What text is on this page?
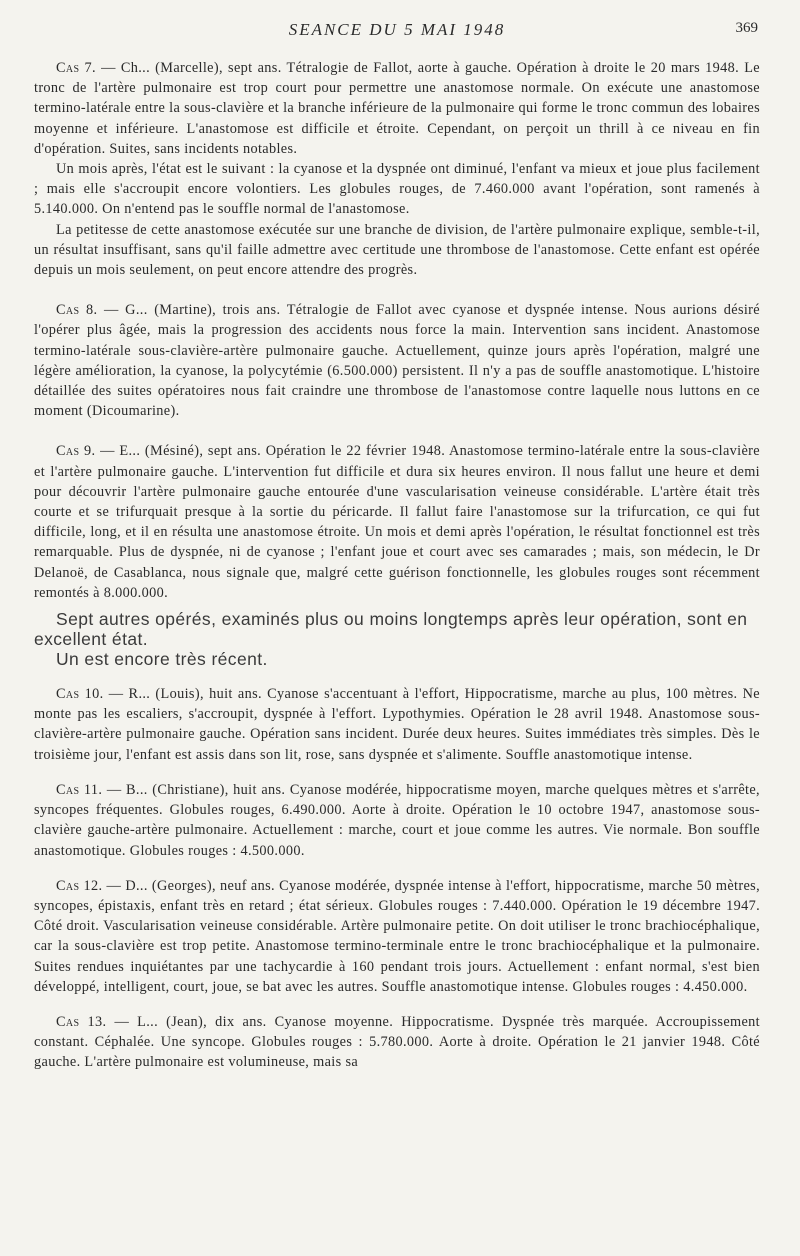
SEANCE DU 5 MAI 1948	369

Cas 7. — Ch... (Marcelle), sept ans. Tétralogie de Fallot, aorte à gauche. Opération à droite le 20 mars 1948. Le tronc de l'artère pulmonaire est trop court pour permettre une anastomose normale. On exécute une anastomose termino-latérale entre la sous-clavière et la branche inférieure de la pulmonaire qui forme le tronc commun des lobaires moyenne et inférieure. L'anastomose est difficile et étroite. Cependant, on perçoit un thrill à ce niveau en fin d'opération. Suites, sans incidents notables.

Un mois après, l'état est le suivant : la cyanose et la dyspnée ont diminué, l'enfant va mieux et joue plus facilement ; mais elle s'accroupit encore volontiers. Les globules rouges, de 7.460.000 avant l'opération, sont ramenés à 5.140.000. On n'entend pas le souffle normal de l'anastomose.

La petitesse de cette anastomose exécutée sur une branche de division, de l'artère pulmonaire explique, semble-t-il, un résultat insuffisant, sans qu'il faille admettre avec certitude une thrombose de l'anastomose. Cette enfant est opérée depuis un mois seulement, on peut encore attendre des progrès.

Cas 8. — G... (Martine), trois ans. Tétralogie de Fallot avec cyanose et dyspnée intense. Nous aurions désiré l'opérer plus âgée, mais la progression des accidents nous force la main. Intervention sans incident. Anastomose termino-latérale sous-clavière-artère pulmonaire gauche. Actuellement, quinze jours après l'opération, malgré une légère amélioration, la cyanose, la polycytémie (6.500.000) persistent. Il n'y a pas de souffle anastomotique. L'histoire détaillée des suites opératoires nous fait craindre une thrombose de l'anastomose contre laquelle nous luttons en ce moment (Dicoumarine).

Cas 9. — E... (Mésiné), sept ans. Opération le 22 février 1948. Anastomose termino-latérale entre la sous-clavière et l'artère pulmonaire gauche. L'intervention fut difficile et dura six heures environ. Il nous fallut une heure et demi pour découvrir l'artère pulmonaire gauche entourée d'une vascularisation veineuse considérable. L'artère était très courte et se trifurquait presque à la sortie du péricarde. Il fallut faire l'anastomose sur la trifurcation, ce qui fut difficile, long, et il en résulta une anastomose étroite. Un mois et demi après l'opération, le résultat fonctionnel est très remarquable. Plus de dyspnée, ni de cyanose ; l'enfant joue et court avec ses camarades ; mais, son médecin, le Dr Delanoë, de Casablanca, nous signale que, malgré cette guérison fonctionnelle, les globules rouges sont récemment remontés à 8.000.000.

Sept autres opérés, examinés plus ou moins longtemps après leur opération, sont en excellent état.
Un est encore très récent.

Cas 10. — R... (Louis), huit ans. Cyanose s'accentuant à l'effort, Hippocratisme, marche au plus, 100 mètres. Ne monte pas les escaliers, s'accroupit, dyspnée à l'effort. Lypothymies. Opération le 28 avril 1948. Anastomose sous-clavière-artère pulmonaire gauche. Opération sans incident. Durée deux heures. Suites immédiates très simples. Dès le troisième jour, l'enfant est assis dans son lit, rose, sans dyspnée et s'alimente. Souffle anastomotique intense.

Cas 11. — B... (Christiane), huit ans. Cyanose modérée, hippocratisme moyen, marche quelques mètres et s'arrête, syncopes fréquentes. Globules rouges, 6.490.000. Aorte à droite. Opération le 10 octobre 1947, anastomose sous-clavière gauche-artère pulmonaire. Actuellement : marche, court et joue comme les autres. Vie normale. Bon souffle anastomotique. Globules rouges : 4.500.000.

Cas 12. — D... (Georges), neuf ans. Cyanose modérée, dyspnée intense à l'effort, hippocratisme, marche 50 mètres, syncopes, épistaxis, enfant très en retard ; état sérieux. Globules rouges : 7.440.000. Opération le 19 décembre 1947. Côté droit. Vascularisation veineuse considérable. Artère pulmonaire petite. On doit utiliser le tronc brachiocéphalique, car la sous-clavière est trop petite. Anastomose termino-terminale entre le tronc brachiocéphalique et la pulmonaire. Suites rendues inquiétantes par une tachycardie à 160 pendant trois jours. Actuellement : enfant normal, s'est bien développé, intelligent, court, joue, se bat avec les autres. Souffle anastomotique intense. Globules rouges : 4.450.000.

Cas 13. — L... (Jean), dix ans. Cyanose moyenne. Hippocratisme. Dyspnée très marquée. Accroupissement constant. Céphalée. Une syncope. Globules rouges : 5.780.000. Aorte à droite. Opération le 21 janvier 1948. Côté gauche. L'artère pulmonaire est volumineuse, mais sa
